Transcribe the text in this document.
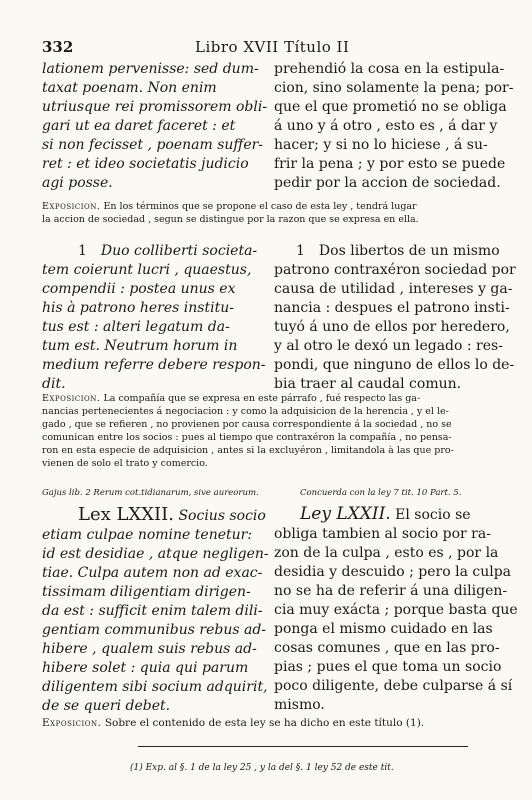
332	Libro XVII Título II
lationem pervenisse: sed dum-
taxat poenam. Non enim
utriusque rei promissorem obli-
gari ut ea daret faceret : et
si non fecisset , poenam suffer-
ret : et ideo societatis judicio
agi posse.
prehendió la cosa en la estipula-
cion, sino solamente la pena; por-
que el que prometió no se obliga
á uno y á otro , esto es , á dar y
hacer; y si no lo hiciese , á su-
frir la pena ; y por esto se puede
pedir por la accion de sociedad.
Exposicion. En los términos que se propone el caso de esta ley , tendrá lugar
la accion de sociedad , segun se distingue por la razon que se expresa en ella.
1 Duo colliberti societa-
tem coierunt lucri , quaestus,
compendii : postea unus ex
his à patrono heres institu-
tus est : alteri legatum da-
tum est. Neutrum horum in
medium referre debere respon-
dit.
1 Dos libertos de un mismo
patrono contraxéron sociedad por
causa de utilidad , intereses y ga-
nancia : despues el patrono insti-
tuyó á uno de ellos por heredero,
y al otro le dexó un legado : res-
pondi, que ninguno de ellos lo de-
bia traer al caudal comun.
Exposicion. La compañía que se expresa en este párrafo , fué respecto las ga-
nancias pertenecientes á negociacion : y como la adquisicion de la herencia , y el le-
gado , que se refieren , no provienen por causa correspondiente á la sociedad , no se
comunican entre los socios : pues al tiempo que contraxéron la compañía , no pensa-
ron en esta especie de adquisicion , antes si la excluyéron , limitandola à las que pro-
vienen de solo el trato y comercio.
Gajus lib. 2 Rerum cot.tidianarum, sive aureorum.	Concuerda con la ley 7 tit. 10 Part. 5.
Lex LXXII. Socius socio
etiam culpae nomine tenetur:
id est desidiae , atque negligen-
tiae. Culpa autem non ad exac-
tissimam diligentiam dirigen-
da est : sufficit enim talem dili-
gentiam communibus rebus ad-
hibere , qualem suis rebus ad-
hibere solet : quia qui parum
diligentem sibi socium adquirit,
de se queri debet.
Ley LXXII. El socio se
obliga tambien al socio por ra-
zon de la culpa , esto es , por la
desidia y descuido ; pero la culpa
no se ha de referir á una diligen-
cia muy exácta ; porque basta que
ponga el mismo cuidado en las
cosas comunes , que en las pro-
pias ; pues el que toma un socio
poco diligente, debe culparse á sí
mismo.
Exposicion. Sobre el contenido de esta ley se ha dicho en este título (1).
(1) Exp. al §. 1 de la ley 25 , y la del §. 1 ley 52 de este tit.
